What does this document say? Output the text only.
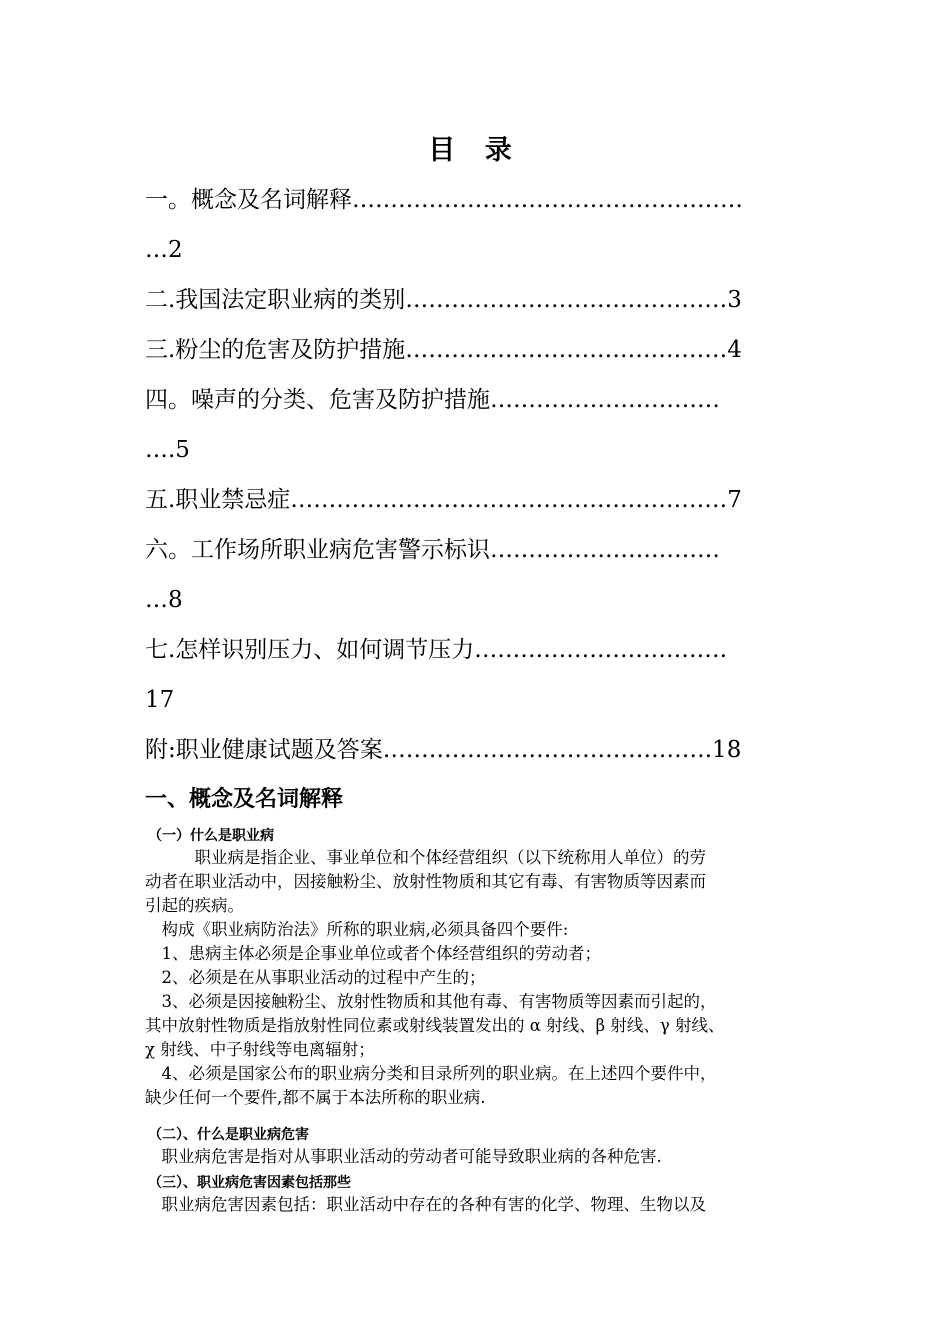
目 录
一。概念及名词解释……………………………………………
…2
二.我国法定职业病的类别……………………………………3
三.粉尘的危害及防护措施……………………………………4
四。噪声的分类、危害及防护措施…………………………
….5
五.职业禁忌症…………………………………………………7
六。工作场所职业病危害警示标识…………………………
…8
七.怎样识别压力、如何调节压力……………………………
17
附:职业健康试题及答案…………………………………….18
一、概念及名词解释
（一）什么是职业病
　　　职业病是指企业、事业单位和个体经营组织（以下统称用人单位）的劳
动者在职业活动中，因接触粉尘、放射性物质和其它有毒、有害物质等因素而
引起的疾病。
　构成《职业病防治法》所称的职业病,必须具备四个要件:
　1、患病主体必须是企事业单位或者个体经营组织的劳动者；
　2、必须是在从事职业活动的过程中产生的；
　3、必须是因接触粉尘、放射性物质和其他有毒、有害物质等因素而引起的，
其中放射性物质是指放射性同位素或射线装置发出的 α 射线、β 射线、γ 射线、
χ 射线、中子射线等电离辐射；
　4、必须是国家公布的职业病分类和目录所列的职业病。在上述四个要件中，
缺少任何一个要件,都不属于本法所称的职业病.
（二）、什么是职业病危害
　职业病危害是指对从事职业活动的劳动者可能导致职业病的各种危害.
（三）、职业病危害因素包括那些
　职业病危害因素包括：职业活动中存在的各种有害的化学、物理、生物以及
